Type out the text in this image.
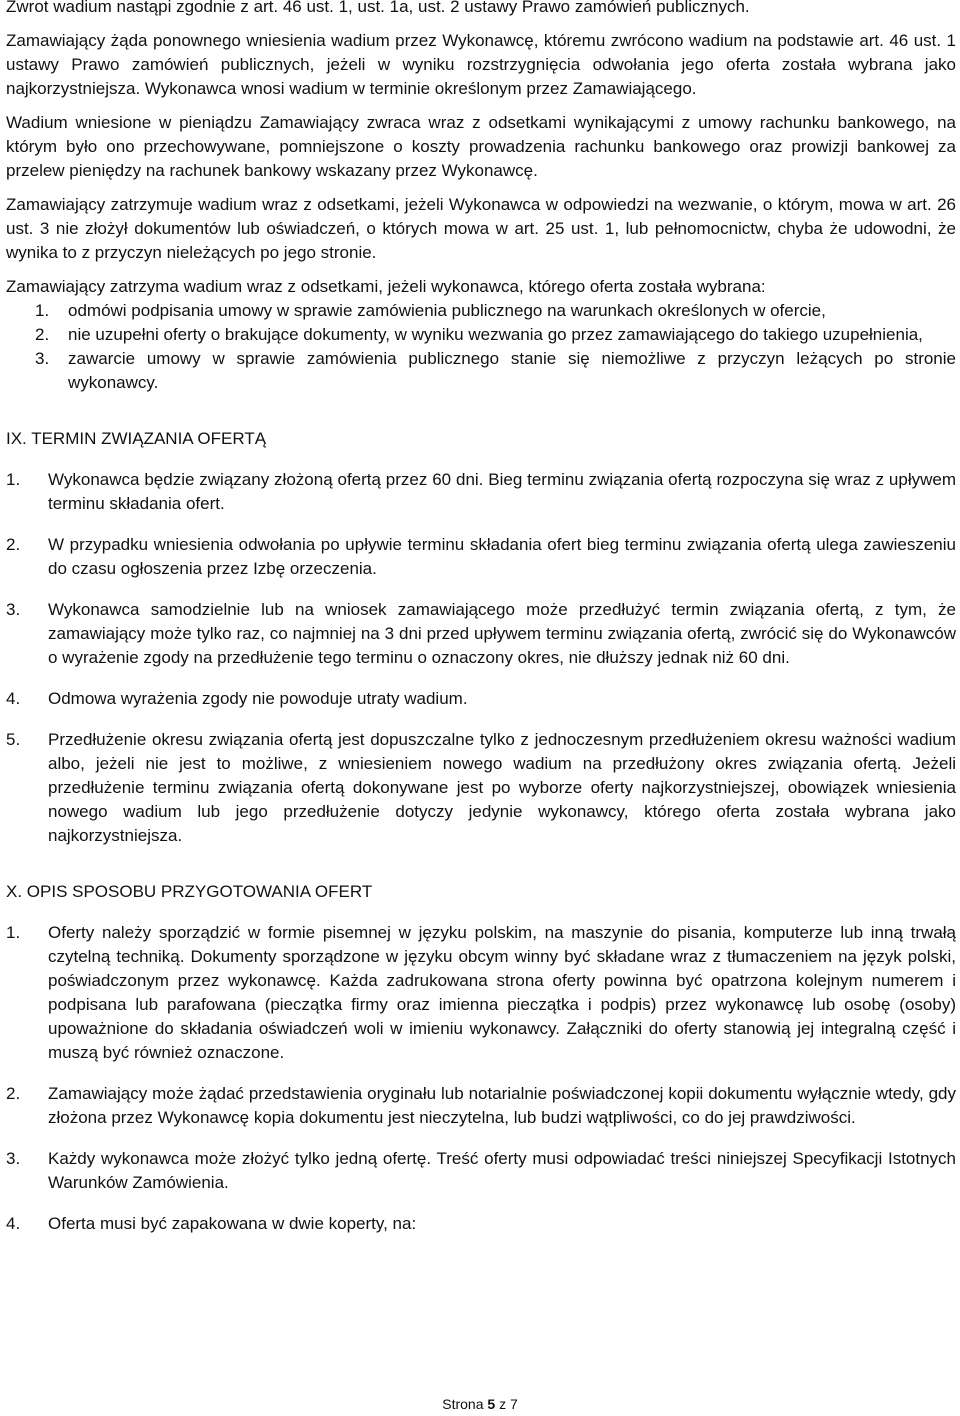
Zwrot wadium nastąpi zgodnie z art. 46 ust. 1, ust. 1a, ust. 2 ustawy Prawo zamówień publicznych.

Zamawiający żąda ponownego wniesienia wadium przez Wykonawcę, któremu zwrócono wadium na podstawie art. 46 ust. 1 ustawy Prawo zamówień publicznych, jeżeli w wyniku rozstrzygnięcia odwołania jego oferta została wybrana jako najkorzystniejsza. Wykonawca wnosi wadium w terminie określonym przez Zamawiającego.

Wadium wniesione w pieniądzu Zamawiający zwraca wraz z odsetkami wynikającymi z umowy rachunku bankowego, na którym było ono przechowywane, pomniejszone o koszty prowadzenia rachunku bankowego oraz prowizji bankowej za przelew pieniędzy na rachunek bankowy wskazany przez Wykonawcę.

Zamawiający zatrzymuje wadium wraz z odsetkami, jeżeli Wykonawca w odpowiedzi na wezwanie, o którym, mowa w art. 26 ust. 3 nie złożył dokumentów lub oświadczeń, o których mowa w art. 25 ust. 1, lub pełnomocnictw, chyba że udowodni, że wynika to z przyczyn nieleżących po jego stronie.

Zamawiający zatrzyma wadium wraz z odsetkami, jeżeli wykonawca, którego oferta została wybrana:

1.	odmówi podpisania umowy w sprawie zamówienia publicznego na warunkach określonych w ofercie,
2.	nie uzupełni oferty o brakujące dokumenty, w wyniku wezwania go przez zamawiającego do takiego uzupełnienia,
3.	zawarcie umowy w sprawie zamówienia publicznego stanie się niemożliwe z przyczyn leżących po stronie wykonawcy.

IX. TERMIN ZWIĄZANIA OFERTĄ

1.	Wykonawca będzie związany złożoną ofertą przez 60 dni. Bieg terminu związania ofertą rozpoczyna się wraz z upływem terminu składania ofert.
2.	W przypadku wniesienia odwołania po upływie terminu składania ofert bieg terminu związania ofertą ulega zawieszeniu do czasu ogłoszenia przez Izbę orzeczenia.
3.	Wykonawca samodzielnie lub na wniosek zamawiającego może przedłużyć termin związania ofertą, z tym, że zamawiający może tylko raz, co najmniej na 3 dni przed upływem terminu związania ofertą, zwrócić się do Wykonawców o wyrażenie zgody na przedłużenie tego terminu o oznaczony okres, nie dłuższy jednak niż 60 dni.
4.	Odmowa wyrażenia zgody nie powoduje utraty wadium.
5.	Przedłużenie okresu związania ofertą jest dopuszczalne tylko z jednoczesnym przedłużeniem okresu ważności wadium albo, jeżeli nie jest to możliwe, z wniesieniem nowego wadium na przedłużony okres związania ofertą. Jeżeli przedłużenie terminu związania ofertą dokonywane jest po wyborze oferty najkorzystniejszej, obowiązek wniesienia nowego wadium lub jego przedłużenie dotyczy jedynie wykonawcy, którego oferta została wybrana jako najkorzystniejsza.

X. OPIS SPOSOBU PRZYGOTOWANIA OFERT

1.	Oferty należy sporządzić w formie pisemnej w języku polskim, na maszynie do pisania, komputerze lub inną trwałą czytelną techniką. Dokumenty sporządzone w języku obcym winny być składane wraz z tłumaczeniem na język polski, poświadczonym przez wykonawcę. Każda zadrukowana strona oferty powinna być opatrzona kolejnym numerem i podpisana lub parafowana (pieczątka firmy oraz imienna pieczątka i podpis) przez wykonawcę lub osobę (osoby) upoważnione do składania oświadczeń woli w imieniu wykonawcy. Załączniki do oferty stanowią jej integralną część i muszą być również oznaczone.
2.	Zamawiający może żądać przedstawienia oryginału lub notarialnie poświadczonej kopii dokumentu wyłącznie wtedy, gdy złożona przez Wykonawcę kopia dokumentu jest nieczytelna, lub budzi wątpliwości, co do jej prawdziwości.
3.	Każdy wykonawca może złożyć tylko jedną ofertę. Treść oferty musi odpowiadać treści niniejszej Specyfikacji Istotnych Warunków Zamówienia.
4.	Oferta musi być zapakowana w dwie koperty, na:
Strona 5 z 7
